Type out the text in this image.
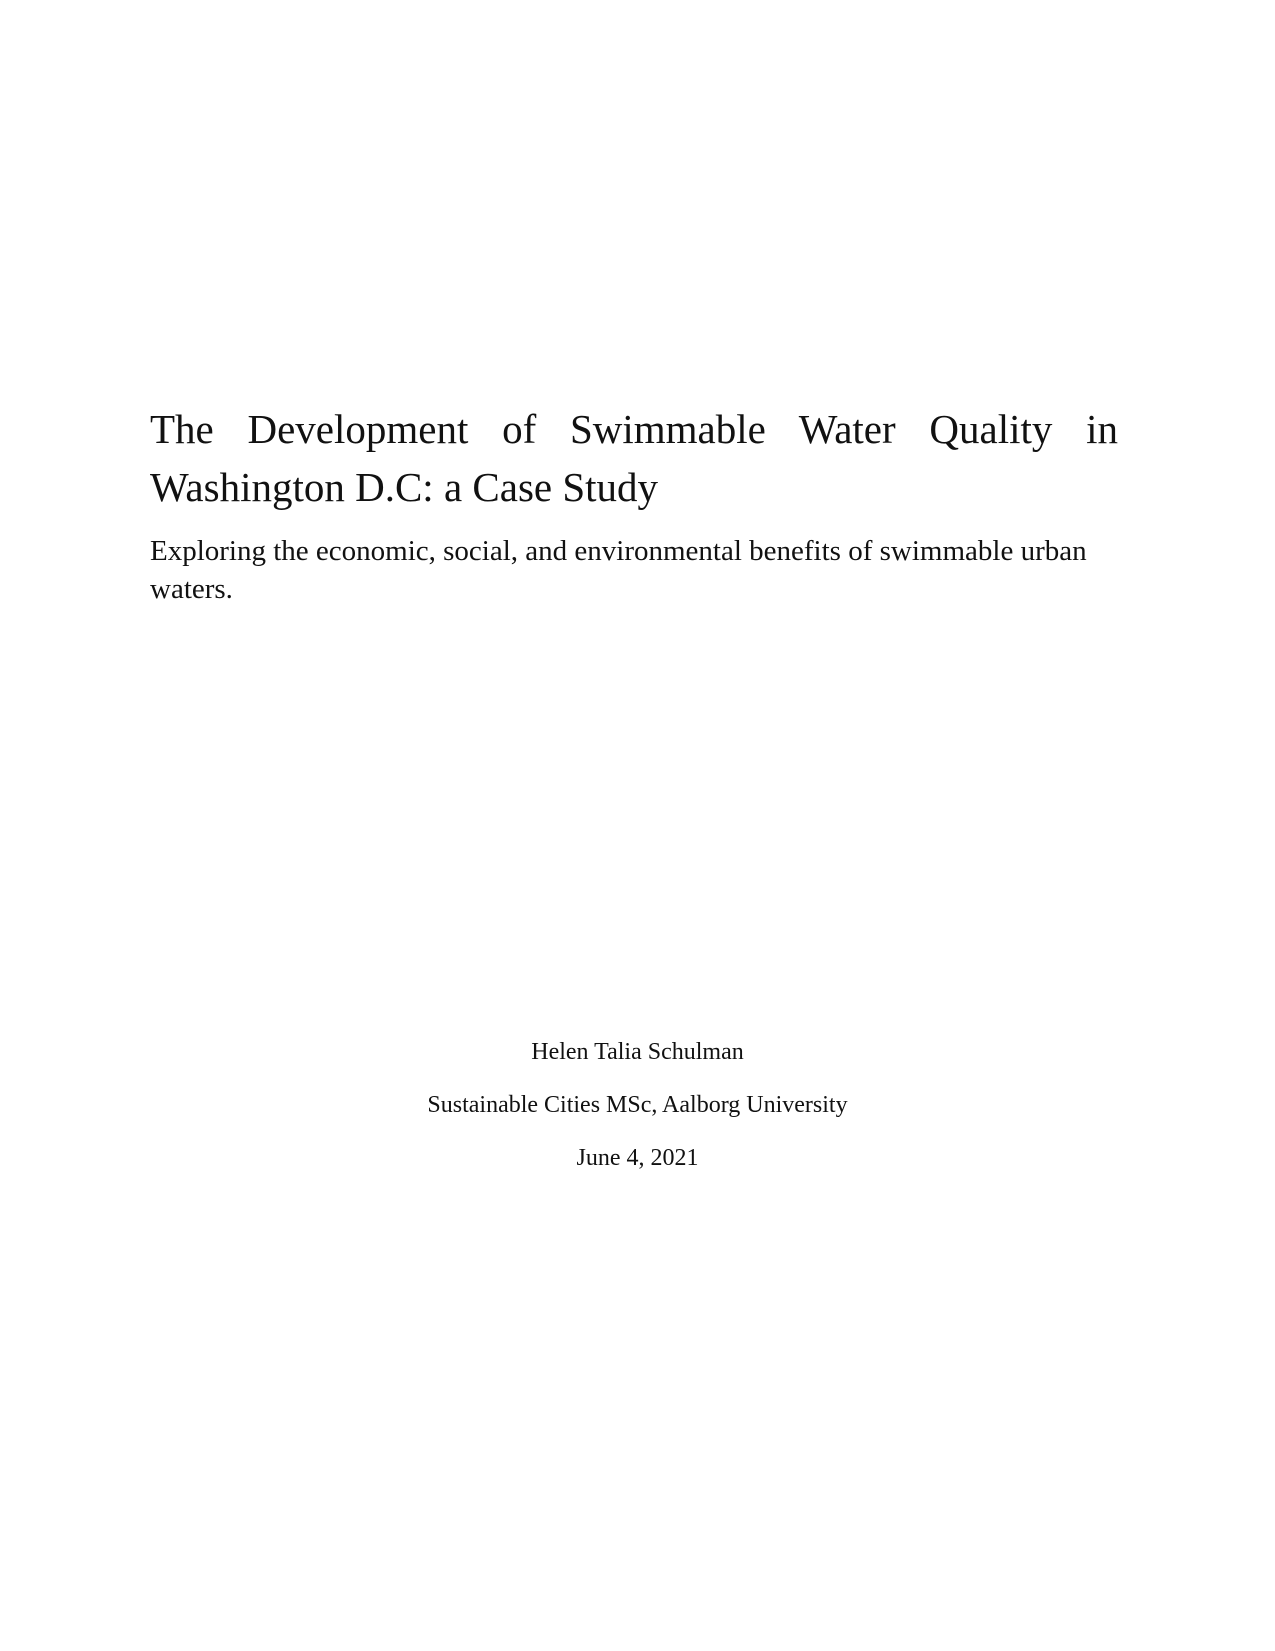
The Development of Swimmable Water Quality in Washington D.C: a Case Study

Exploring the economic, social, and environmental benefits of swimmable urban waters.

Helen Talia Schulman

Sustainable Cities MSc, Aalborg University

June 4, 2021
